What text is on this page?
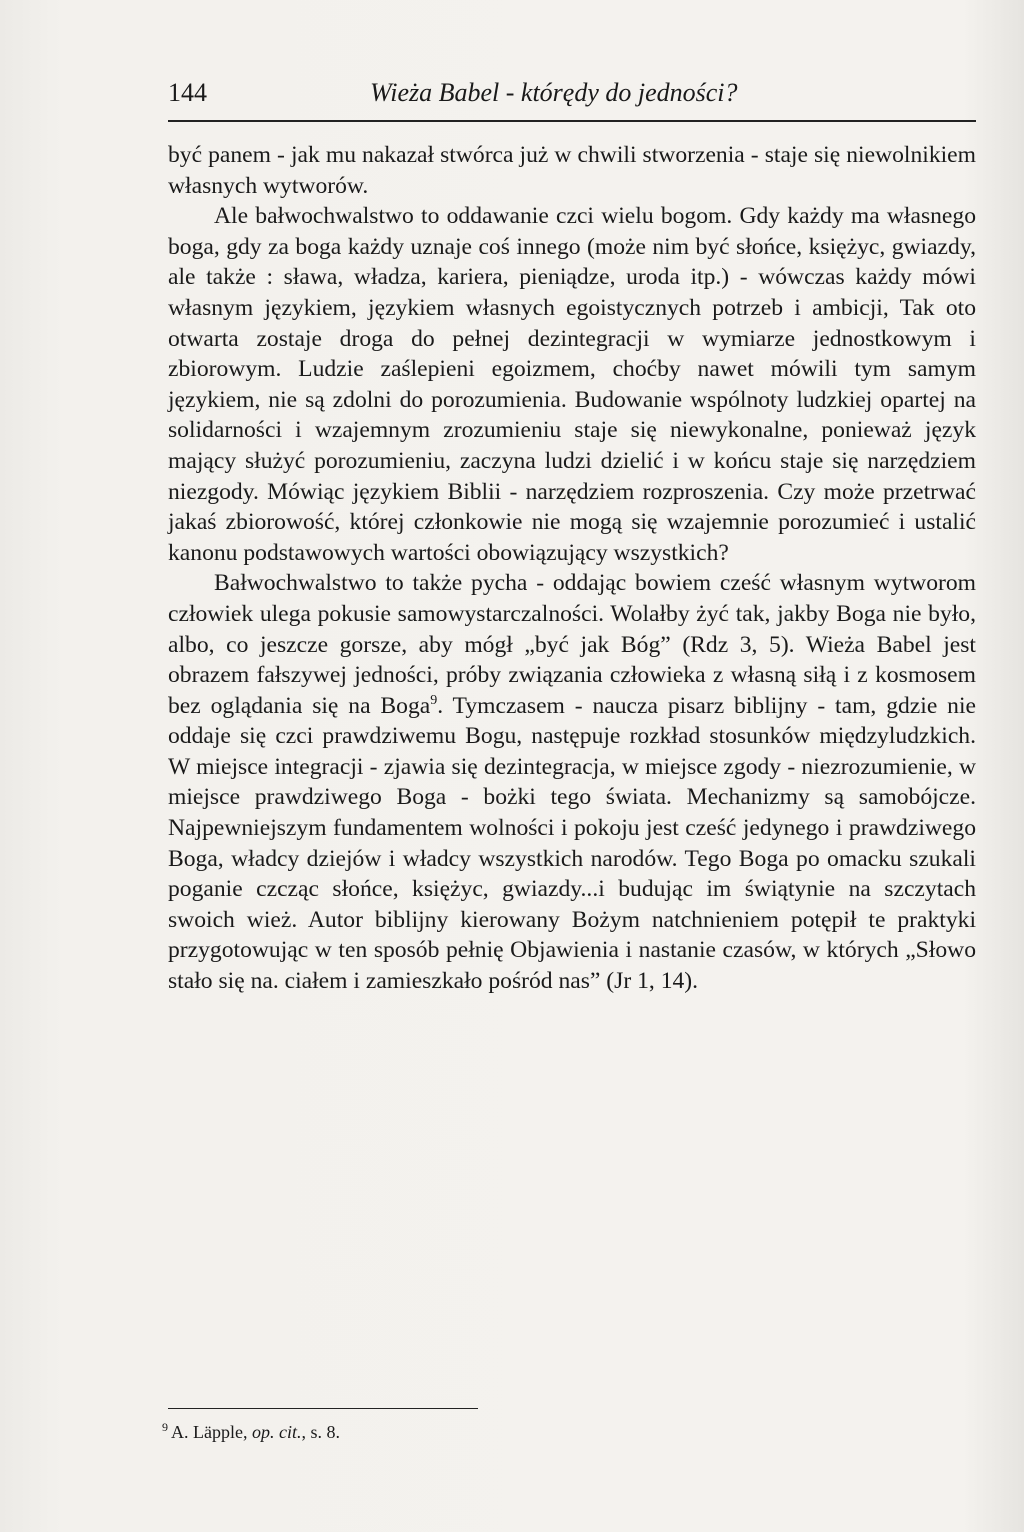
144	Wieża Babel - którędy do jedności?

być panem - jak mu nakazał stwórca już w chwili stworzenia - staje się niewolnikiem własnych wytworów.

Ale bałwochwalstwo to oddawanie czci wielu bogom. Gdy każdy ma własnego boga, gdy za boga każdy uznaje coś innego (może nim być słońce, księżyc, gwiazdy, ale także : sława, władza, kariera, pieniądze, uroda itp.) - wówczas każdy mówi własnym językiem, językiem własnych egoistycznych potrzeb i ambicji, Tak oto otwarta zostaje droga do pełnej dezintegracji w wymiarze jednostkowym i zbiorowym. Ludzie zaślepieni egoizmem, choćby nawet mówili tym samym językiem, nie są zdolni do porozumienia. Budowanie wspólnoty ludzkiej opartej na solidarności i wzajemnym zrozumieniu staje się niewykonalne, ponieważ język mający służyć porozumieniu, zaczyna ludzi dzielić i w końcu staje się narzędziem niezgody. Mówiąc językiem Biblii - narzędziem rozproszenia. Czy może przetrwać jakaś zbiorowość, której członkowie nie mogą się wzajemnie porozumieć i ustalić kanonu podstawowych wartości obowiązujący wszystkich?

Bałwochwalstwo to także pycha - oddając bowiem cześć własnym wytworom człowiek ulega pokusie samowystarczalności. Wolałby żyć tak, jakby Boga nie było, albo, co jeszcze gorsze, aby mógł „być jak Bóg” (Rdz 3, 5). Wieża Babel jest obrazem fałszywej jedności, próby związania człowieka z własną siłą i z kosmosem bez oglądania się na Boga$^9$. Tymczasem - naucza pisarz biblijny - tam, gdzie nie oddaje się czci prawdziwemu Bogu, następuje rozkład stosunków międzyludzkich. W miejsce integracji - zjawia się dezintegracja, w miejsce zgody - niezrozumienie, w miejsce prawdziwego Boga - bożki tego świata. Mechanizmy są samobójcze. Najpewniejszym fundamentem wolności i pokoju jest cześć jedynego i prawdziwego Boga, władcy dziejów i władcy wszystkich narodów. Tego Boga po omacku szukali poganie czcząc słońce, księżyc, gwiazdy...i budując im świątynie na szczytach swoich wież. Autor biblijny kierowany Bożym natchnieniem potępił te praktyki przygotowując w ten sposób pełnię Objawienia i nastanie czasów, w których „Słowo stało się na. ciałem i zamieszkało pośród nas” (Jr 1, 14).

$^9$ A. Läpple, op. cit., s. 8.
